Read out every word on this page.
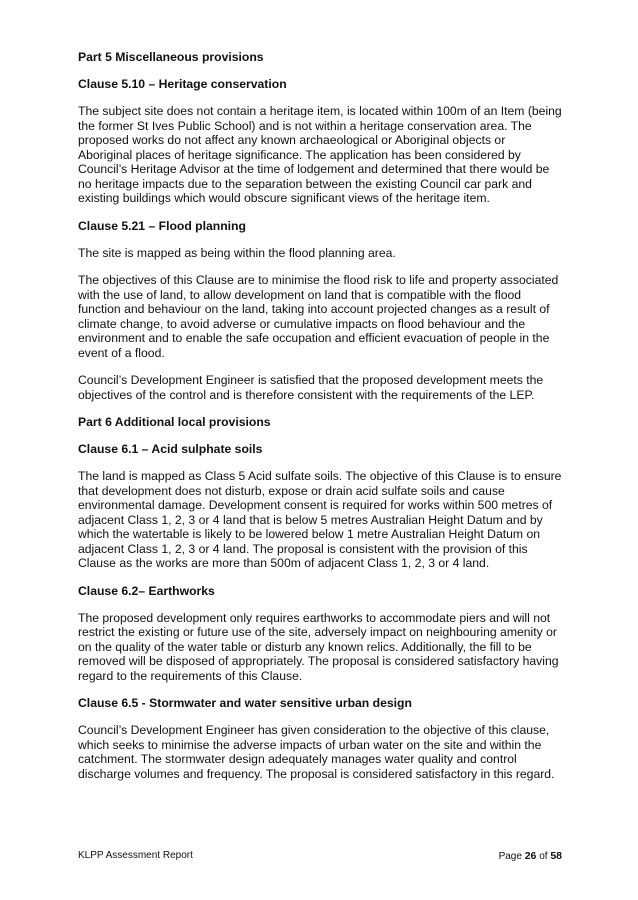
Part 5 Miscellaneous provisions
Clause 5.10 – Heritage conservation

The subject site does not contain a heritage item, is located within 100m of an Item (being the former St Ives Public School) and is not within a heritage conservation area. The proposed works do not affect any known archaeological or Aboriginal objects or Aboriginal places of heritage significance. The application has been considered by Council’s Heritage Advisor at the time of lodgement and determined that there would be no heritage impacts due to the separation between the existing Council car park and existing buildings which would obscure significant views of the heritage item.

Clause 5.21 – Flood planning

The site is mapped as being within the flood planning area.

The objectives of this Clause are to minimise the flood risk to life and property associated with the use of land, to allow development on land that is compatible with the flood function and behaviour on the land, taking into account projected changes as a result of climate change, to avoid adverse or cumulative impacts on flood behaviour and the environment and to enable the safe occupation and efficient evacuation of people in the event of a flood.

Council’s Development Engineer is satisfied that the proposed development meets the objectives of the control and is therefore consistent with the requirements of the LEP.

Part 6 Additional local provisions
Clause 6.1 – Acid sulphate soils

The land is mapped as Class 5 Acid sulfate soils. The objective of this Clause is to ensure that development does not disturb, expose or drain acid sulfate soils and cause environmental damage. Development consent is required for works within 500 metres of adjacent Class 1, 2, 3 or 4 land that is below 5 metres Australian Height Datum and by which the watertable is likely to be lowered below 1 metre Australian Height Datum on adjacent Class 1, 2, 3 or 4 land. The proposal is consistent with the provision of this Clause as the works are more than 500m of adjacent Class 1, 2, 3 or 4 land.

Clause 6.2– Earthworks

The proposed development only requires earthworks to accommodate piers and will not restrict the existing or future use of the site, adversely impact on neighbouring amenity or on the quality of the water table or disturb any known relics. Additionally, the fill to be removed will be disposed of appropriately. The proposal is considered satisfactory having regard to the requirements of this Clause.

Clause 6.5 - Stormwater and water sensitive urban design

Council’s Development Engineer has given consideration to the objective of this clause, which seeks to minimise the adverse impacts of urban water on the site and within the catchment. The stormwater design adequately manages water quality and control discharge volumes and frequency. The proposal is considered satisfactory in this regard.

KLPP Assessment Report	Page 26 of 58
